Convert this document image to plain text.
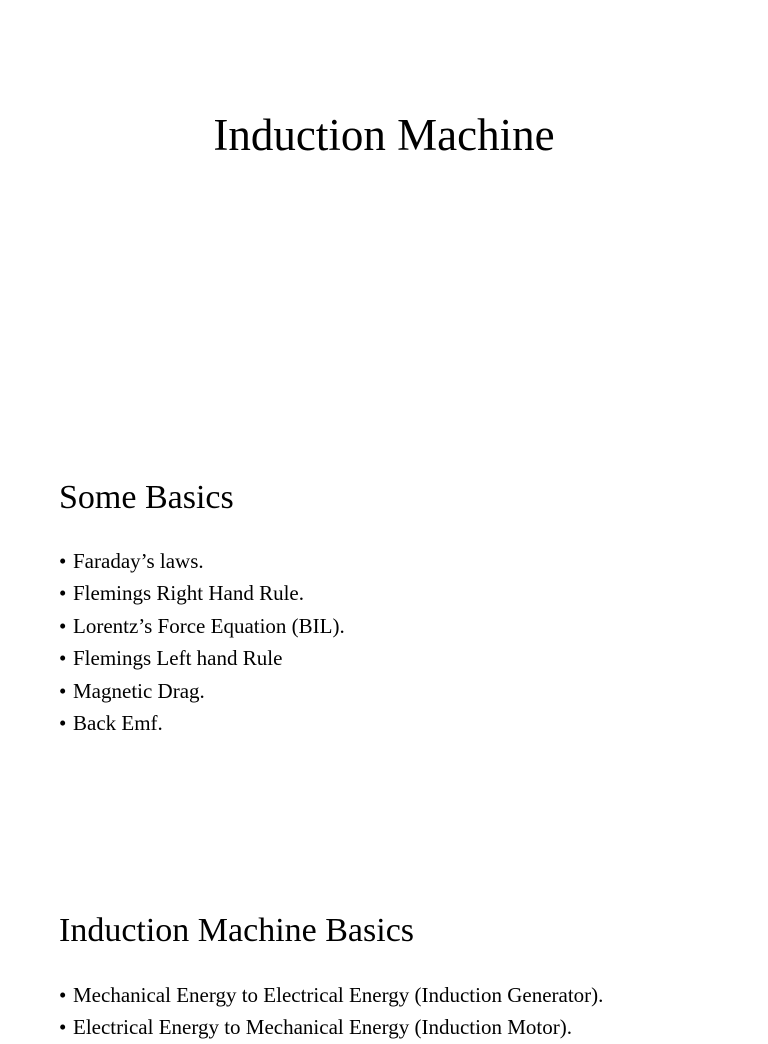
Induction Machine
Some Basics
• Faraday’s laws.
• Flemings Right Hand Rule.
• Lorentz’s Force Equation (BIL).
• Flemings Left hand Rule
• Magnetic Drag.
• Back Emf.
Induction Machine Basics
• Mechanical Energy to Electrical Energy (Induction Generator).
• Electrical Energy to Mechanical Energy (Induction Motor).
